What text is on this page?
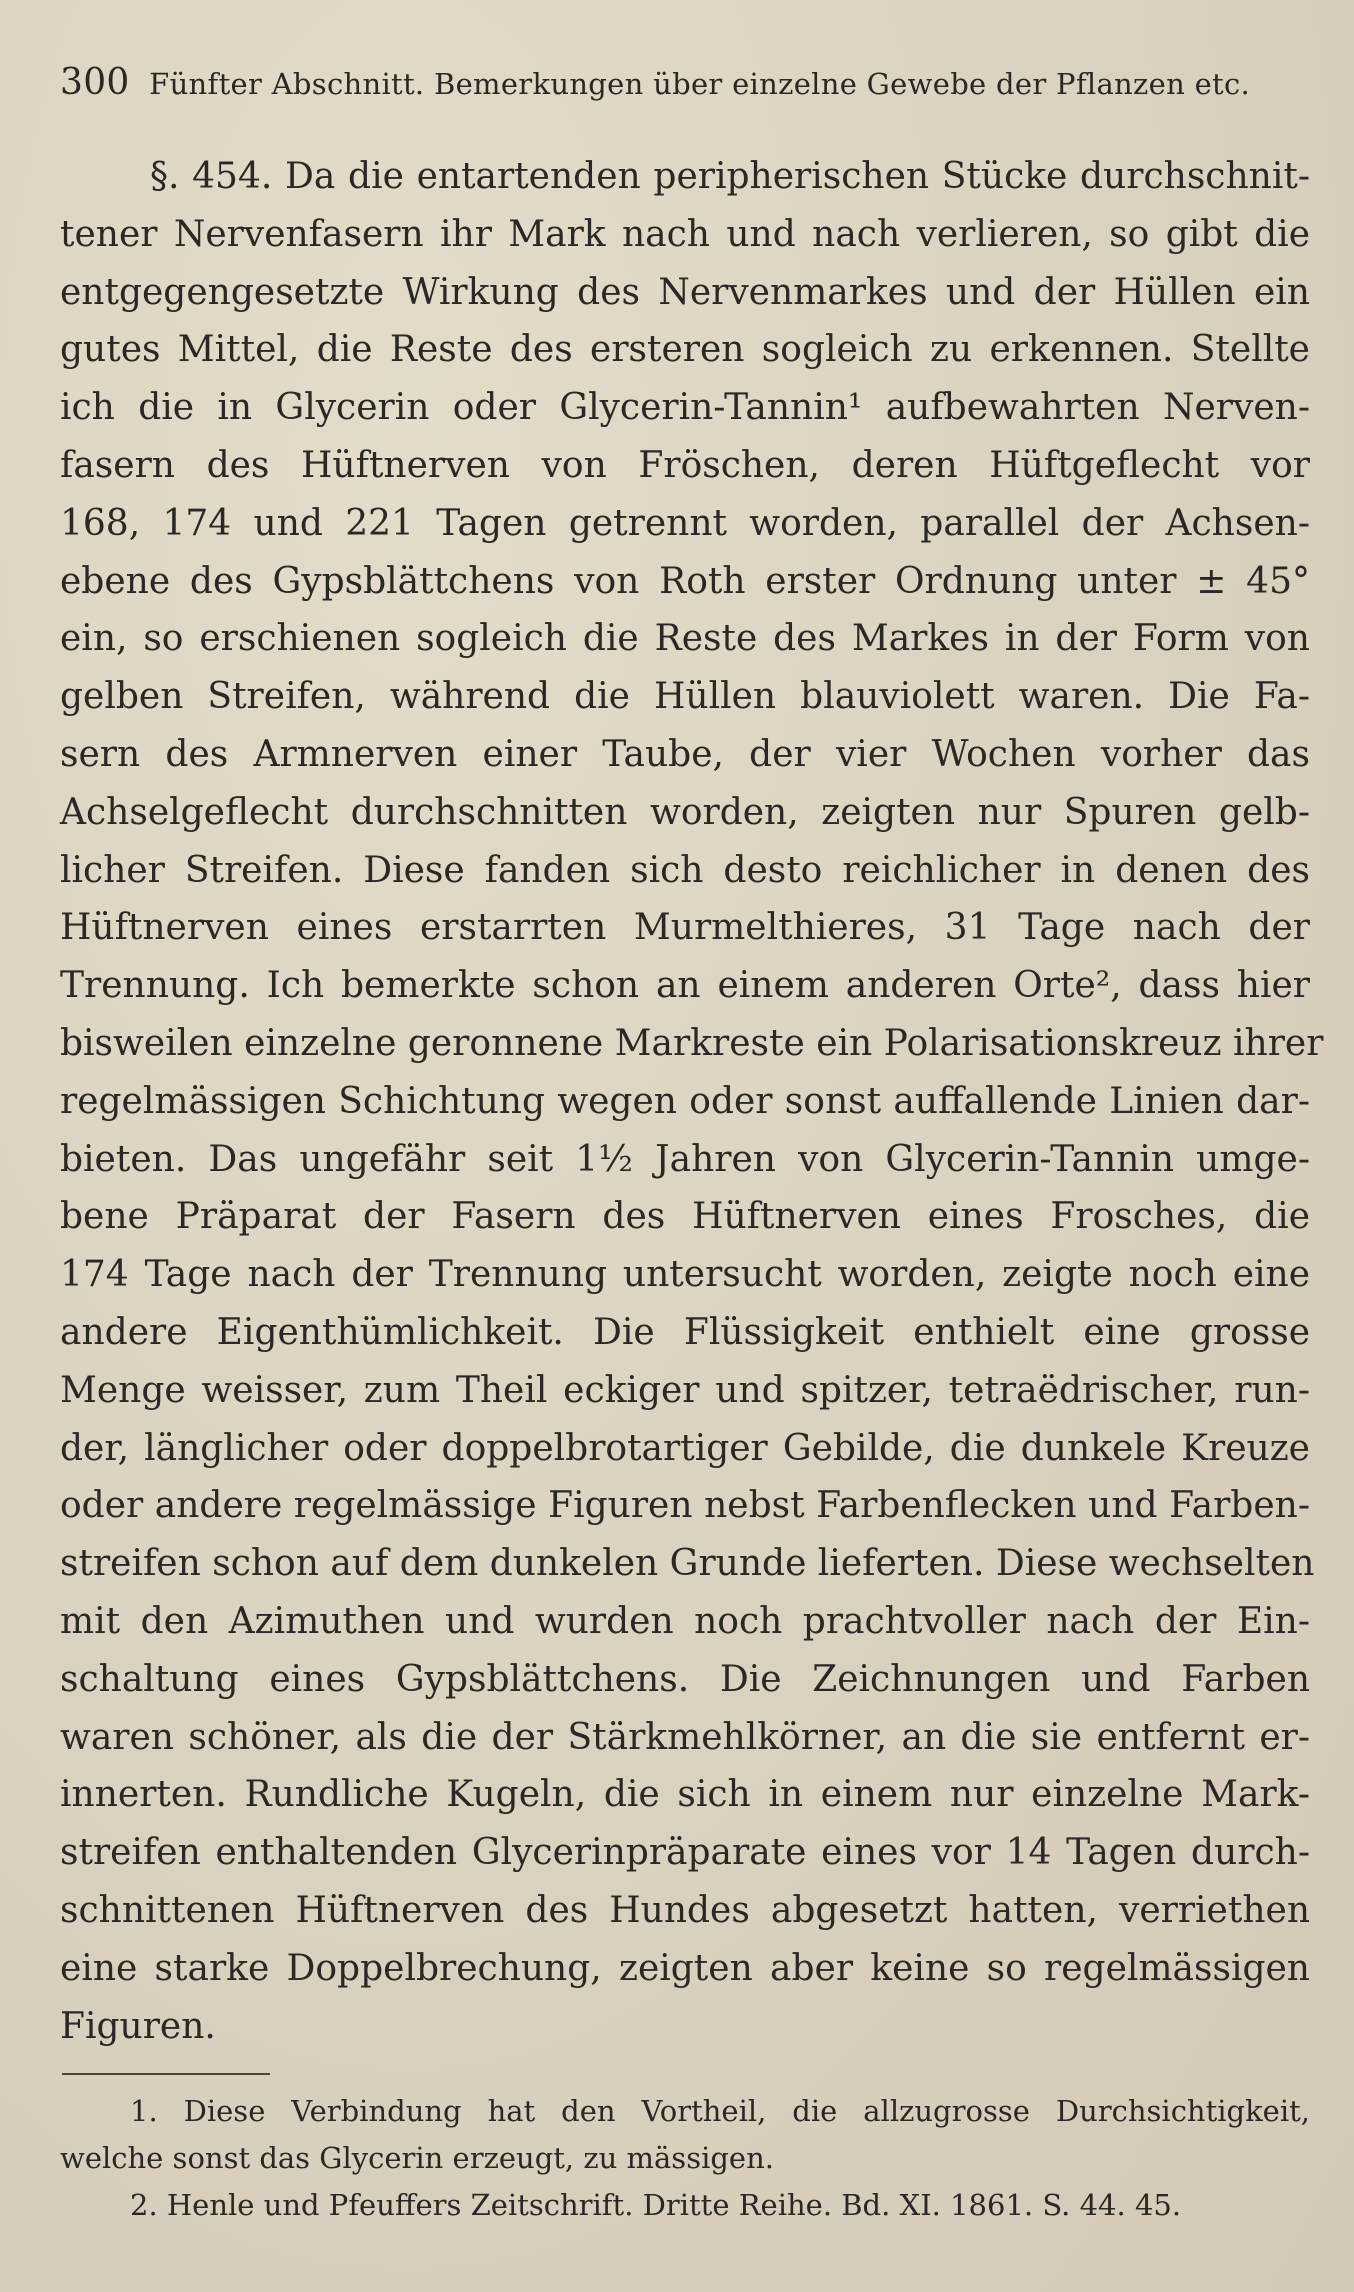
300 Fünfter Abschnitt. Bemerkungen über einzelne Gewebe der Pflanzen etc.
§. 454. Da die entartenden peripherischen Stücke durchschnit-
tener Nervenfasern ihr Mark nach und nach verlieren, so gibt die
entgegengesetzte Wirkung des Nervenmarkes und der Hüllen ein
gutes Mittel, die Reste des ersteren sogleich zu erkennen. Stellte
ich die in Glycerin oder Glycerin-Tannin¹ aufbewahrten Nerven-
fasern des Hüftnerven von Fröschen, deren Hüftgeflecht vor
168, 174 und 221 Tagen getrennt worden, parallel der Achsen-
ebene des Gypsblättchens von Roth erster Ordnung unter ± 45°
ein, so erschienen sogleich die Reste des Markes in der Form von
gelben Streifen, während die Hüllen blauviolett waren. Die Fa-
sern des Armnerven einer Taube, der vier Wochen vorher das
Achselgeflecht durchschnitten worden, zeigten nur Spuren gelb-
licher Streifen. Diese fanden sich desto reichlicher in denen des
Hüftnerven eines erstarrten Murmelthieres, 31 Tage nach der
Trennung. Ich bemerkte schon an einem anderen Orte², dass hier
bisweilen einzelne geronnene Markreste ein Polarisationskreuz ihrer
regelmässigen Schichtung wegen oder sonst auffallende Linien dar-
bieten. Das ungefähr seit 1½ Jahren von Glycerin-Tannin umge-
bene Präparat der Fasern des Hüftnerven eines Frosches, die
174 Tage nach der Trennung untersucht worden, zeigte noch eine
andere Eigenthümlichkeit. Die Flüssigkeit enthielt eine grosse
Menge weisser, zum Theil eckiger und spitzer, tetraëdrischer, run-
der, länglicher oder doppelbrotartiger Gebilde, die dunkele Kreuze
oder andere regelmässige Figuren nebst Farbenflecken und Farben-
streifen schon auf dem dunkelen Grunde lieferten. Diese wechselten
mit den Azimuthen und wurden noch prachtvoller nach der Ein-
schaltung eines Gypsblättchens. Die Zeichnungen und Farben
waren schöner, als die der Stärkmehlkörner, an die sie entfernt er-
innerten. Rundliche Kugeln, die sich in einem nur einzelne Mark-
streifen enthaltenden Glycerinpräparate eines vor 14 Tagen durch-
schnittenen Hüftnerven des Hundes abgesetzt hatten, verriethen
eine starke Doppelbrechung, zeigten aber keine so regelmässigen
Figuren.
1. Diese Verbindung hat den Vortheil, die allzugrosse Durchsichtigkeit,
welche sonst das Glycerin erzeugt, zu mässigen.
2. Henle und Pfeuffers Zeitschrift. Dritte Reihe. Bd. XI. 1861. S. 44. 45.
